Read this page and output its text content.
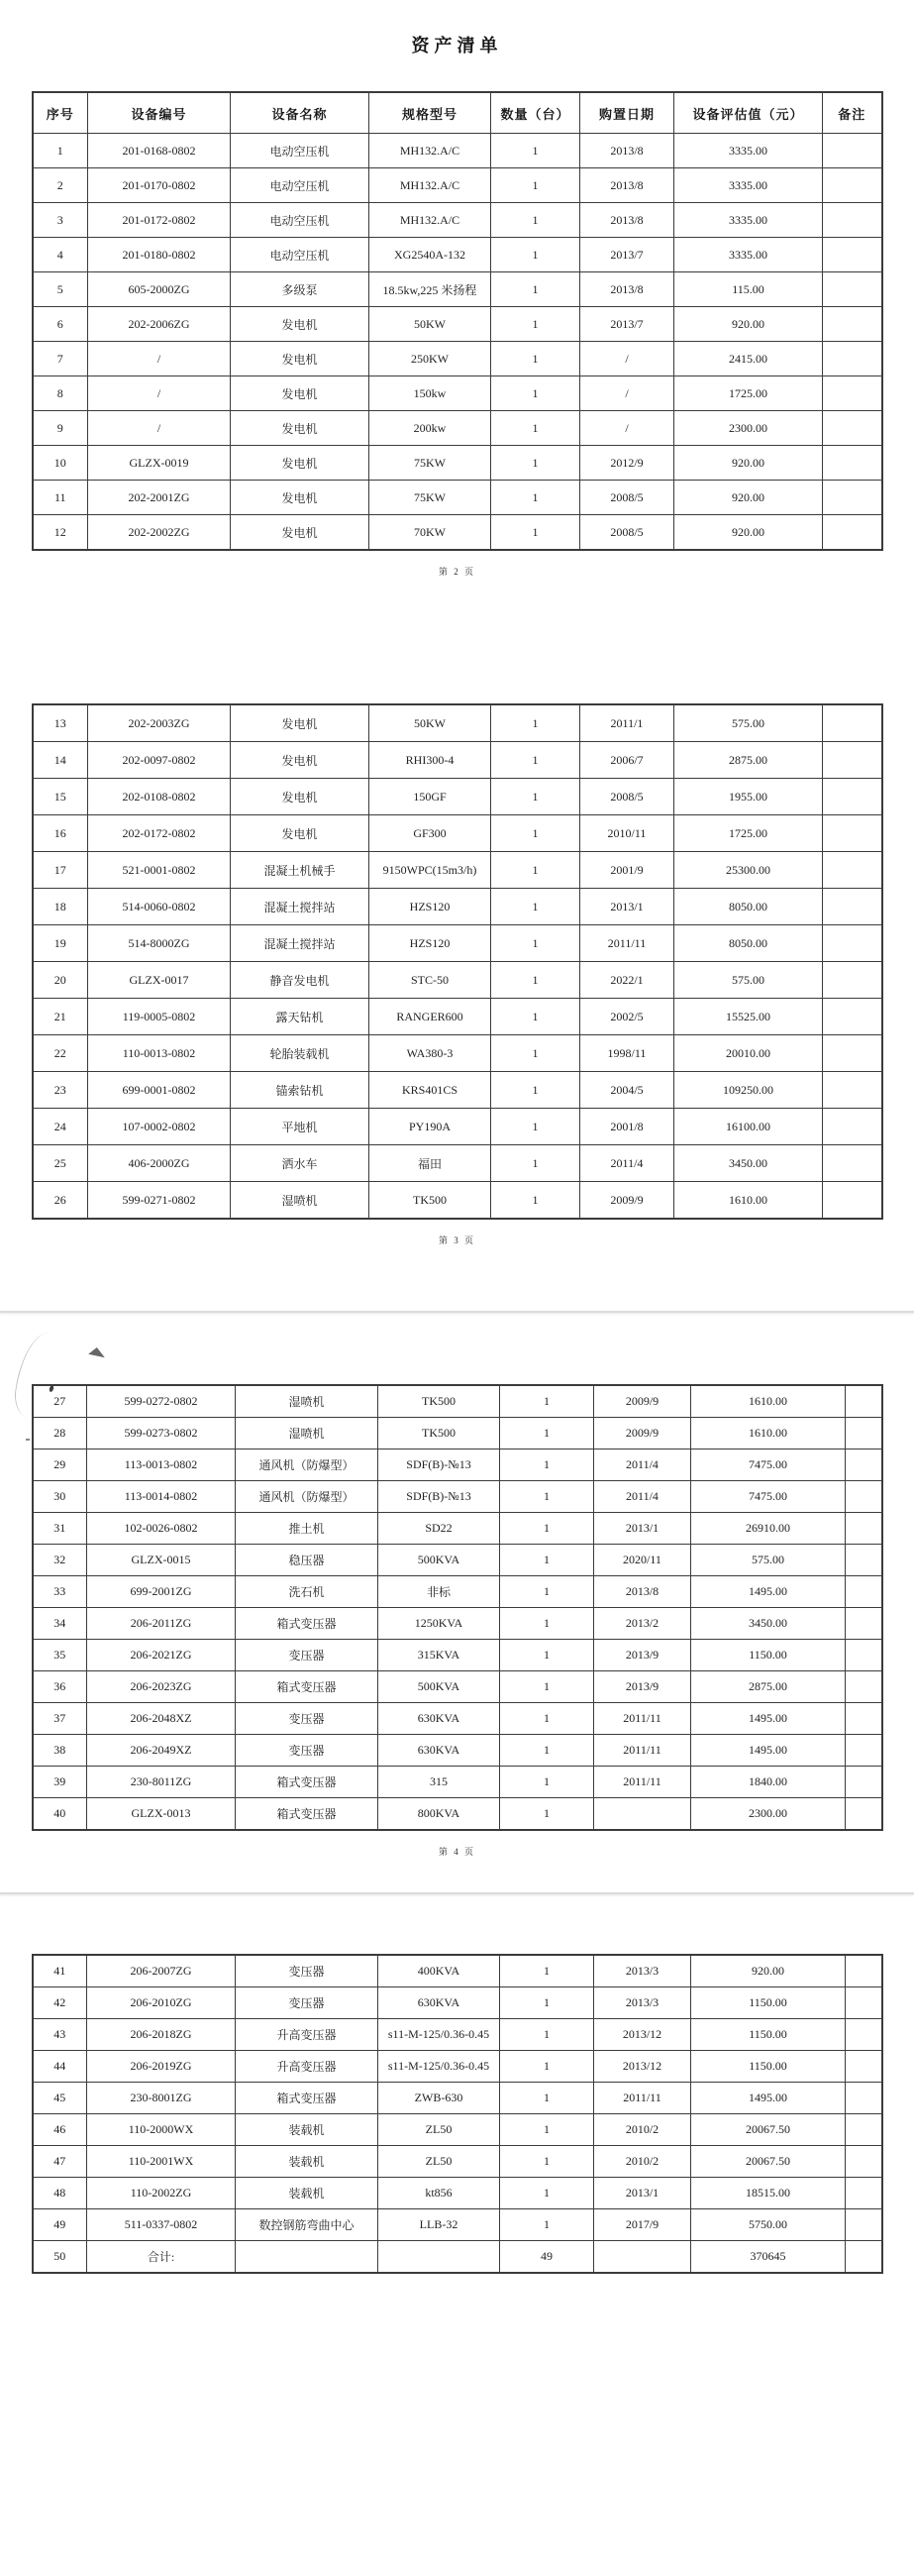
资产清单
序号	设备编号	设备名称	规格型号	数量（台）	购置日期	设备评估值（元）	备注
1	201-0168-0802	电动空压机	MH132.A/C	1	2013/8	3335.00	
2	201-0170-0802	电动空压机	MH132.A/C	1	2013/8	3335.00	
3	201-0172-0802	电动空压机	MH132.A/C	1	2013/8	3335.00	
4	201-0180-0802	电动空压机	XG2540A-132	1	2013/7	3335.00	
5	605-2000ZG	多级泵	18.5kw,225 米扬程	1	2013/8	115.00	
6	202-2006ZG	发电机	50KW	1	2013/7	920.00	
7	/	发电机	250KW	1	/	2415.00	
8	/	发电机	150kw	1	/	1725.00	
9	/	发电机	200kw	1	/	2300.00	
10	GLZX-0019	发电机	75KW	1	2012/9	920.00	
11	202-2001ZG	发电机	75KW	1	2008/5	920.00	
12	202-2002ZG	发电机	70KW	1	2008/5	920.00	
第 2 页
13	202-2003ZG	发电机	50KW	1	2011/1	575.00	
14	202-0097-0802	发电机	RHI300-4	1	2006/7	2875.00	
15	202-0108-0802	发电机	150GF	1	2008/5	1955.00	
16	202-0172-0802	发电机	GF300	1	2010/11	1725.00	
17	521-0001-0802	混凝土机械手	9150WPC(15m3/h)	1	2001/9	25300.00	
18	514-0060-0802	混凝土搅拌站	HZS120	1	2013/1	8050.00	
19	514-8000ZG	混凝土搅拌站	HZS120	1	2011/11	8050.00	
20	GLZX-0017	静音发电机	STC-50	1	2022/1	575.00	
21	119-0005-0802	露天钻机	RANGER600	1	2002/5	15525.00	
22	110-0013-0802	轮胎装载机	WA380-3	1	1998/11	20010.00	
23	699-0001-0802	锚索钻机	KRS401CS	1	2004/5	109250.00	
24	107-0002-0802	平地机	PY190A	1	2001/8	16100.00	
25	406-2000ZG	洒水车	福田	1	2011/4	3450.00	
26	599-0271-0802	湿喷机	TK500	1	2009/9	1610.00	
第 3 页
27	599-0272-0802	湿喷机	TK500	1	2009/9	1610.00	
28	599-0273-0802	湿喷机	TK500	1	2009/9	1610.00	
29	113-0013-0802	通风机（防爆型）	SDF(B)-№13	1	2011/4	7475.00	
30	113-0014-0802	通风机（防爆型）	SDF(B)-№13	1	2011/4	7475.00	
31	102-0026-0802	推土机	SD22	1	2013/1	26910.00	
32	GLZX-0015	稳压器	500KVA	1	2020/11	575.00	
33	699-2001ZG	洗石机	非标	1	2013/8	1495.00	
34	206-2011ZG	箱式变压器	1250KVA	1	2013/2	3450.00	
35	206-2021ZG	变压器	315KVA	1	2013/9	1150.00	
36	206-2023ZG	箱式变压器	500KVA	1	2013/9	2875.00	
37	206-2048XZ	变压器	630KVA	1	2011/11	1495.00	
38	206-2049XZ	变压器	630KVA	1	2011/11	1495.00	
39	230-8011ZG	箱式变压器	315	1	2011/11	1840.00	
40	GLZX-0013	箱式变压器	800KVA	1		2300.00	
第 4 页
41	206-2007ZG	变压器	400KVA	1	2013/3	920.00	
42	206-2010ZG	变压器	630KVA	1	2013/3	1150.00	
43	206-2018ZG	升高变压器	s11-M-125/0.36-0.45	1	2013/12	1150.00	
44	206-2019ZG	升高变压器	s11-M-125/0.36-0.45	1	2013/12	1150.00	
45	230-8001ZG	箱式变压器	ZWB-630	1	2011/11	1495.00	
46	110-2000WX	装载机	ZL50	1	2010/2	20067.50	
47	110-2001WX	装载机	ZL50	1	2010/2	20067.50	
48	110-2002ZG	装载机	kt856	1	2013/1	18515.00	
49	511-0337-0802	数控钢筋弯曲中心	LLB-32	1	2017/9	5750.00	
50	合计:			49		370645	
